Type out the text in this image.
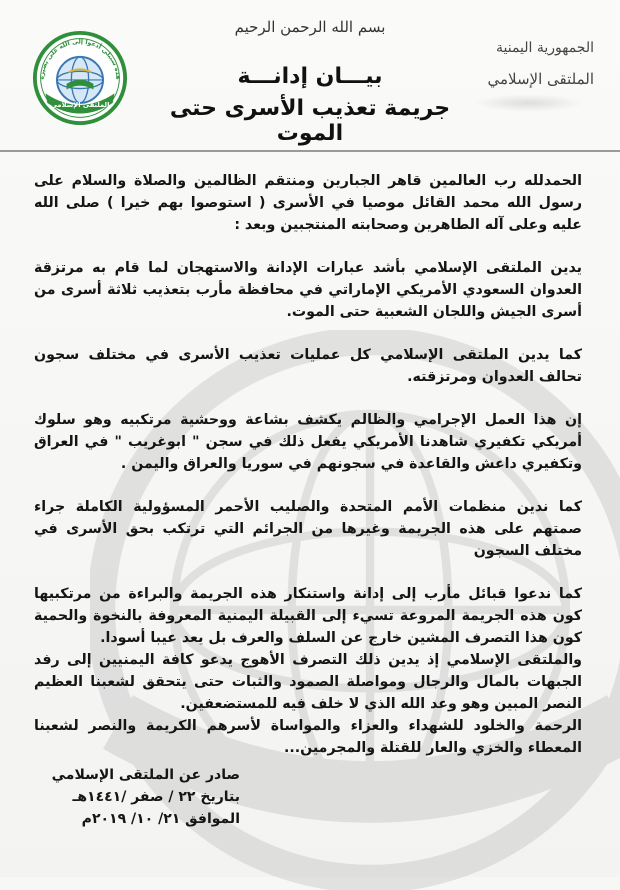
بسم الله الرحمن الرحيم
هذه سبيلي أدعوا إلى الله على بصيرة
الملتقى الإسلامي
الجمهورية اليمنية
الملتقى الإسلامي
بيـــان إدانـــة
جريمة تعذيب الأسرى حتى الموت

الحمدلله رب العالمين قاهر الجبارين ومنتقم الظالمين والصلاة والسلام على رسول الله محمد القائل موصيا في الأسرى ( استوصوا بهم خيرا ) صلى الله عليه وعلى آله الطاهرين وصحابته المنتجبين وبعد :

يدين الملتقى الإسلامي بأشد عبارات الإدانة والاستهجان لما قام به مرتزقة العدوان السعودي الأمريكي الإماراتي في محافظة مأرب بتعذيب ثلاثة أسرى من أسرى الجيش واللجان الشعبية حتى الموت.

كما يدين الملتقى الإسلامي كل عمليات تعذيب الأسرى في مختلف سجون تحالف العدوان ومرتزقته.

إن هذا العمل الإجرامي والظالم يكشف بشاعة ووحشية مرتكبيه وهو سلوك أمريكي تكفيري شاهدنا الأمريكي يفعل ذلك في سجن " ابوغريب " في العراق وتكفيري داعش والقاعدة في سجونهم في سوريا والعراق واليمن .

كما ندين منظمات الأمم المتحدة والصليب الأحمر المسؤولية الكاملة جراء صمتهم على هذه الجريمة وغيرها من الجرائم التي ترتكب بحق الأسرى في مختلف السجون

كما ندعوا قبائل مأرب إلى إدانة واستنكار هذه الجريمة والبراءة من مرتكبيها كون هذه الجريمة المروعة تسيء إلى القبيلة اليمنية المعروفة بالنخوة والحمية كون هذا التصرف المشين خارج عن السلف والعرف بل يعد عيبا أسودا.

والملتقى الإسلامي إذ يدين ذلك التصرف الأهوج يدعو كافة اليمنيين إلى رفد الجبهات بالمال والرجال ومواصلة الصمود والثبات حتى يتحقق لشعبنا العظيم النصر المبين وهو وعد الله الذي لا خلف فيه للمستضعفين.

الرحمة والخلود للشهداء والعزاء والمواساة لأسرهم الكريمة والنصر لشعبنا المعطاء والخزي والعار للقتلة والمجرمين...

صادر عن الملتقى الإسلامي
بتاريخ ٢٢ / صفر /١٤٤١هـ
الموافق ٢١/ ١٠/ ٢٠١٩م
